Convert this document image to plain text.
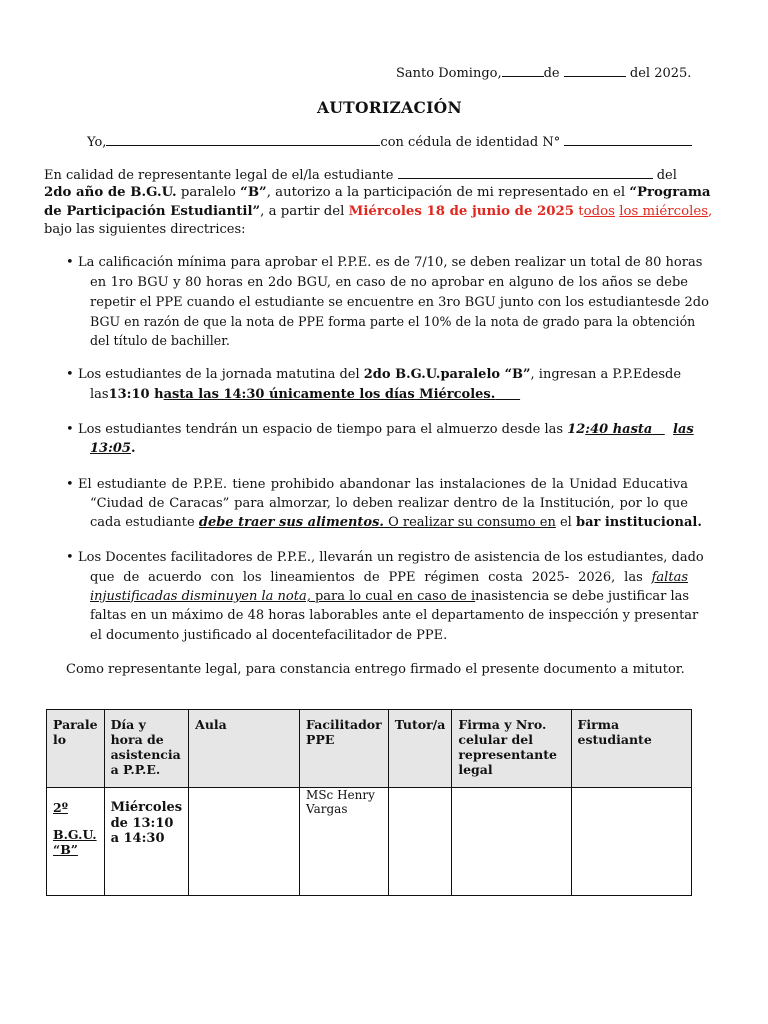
Santo Domingo,	de	del 2025.
AUTORIZACIÓN
Yo,	con cédula de identidad N°
En calidad de representante legal de el/la estudiante	del
2do año de B.G.U. paralelo “B”, autorizo a la participación de mi representado en el “Programa
de Participación Estudiantil”, a partir del Miércoles 18 de junio de 2025 todos los miércoles,
bajo las siguientes directrices:
• La calificación mínima para aprobar el P.P.E. es de 7/10, se deben realizar un total de 80 horas
en 1ro BGU y 80 horas en 2do BGU, en caso de no aprobar en alguno de los años se debe
repetir el PPE cuando el estudiante se encuentre en 3ro BGU junto con los estudiantesde 2do
BGU en razón de que la nota de PPE forma parte el 10% de la nota de grado para la obtención
del título de bachiller.
• Los estudiantes de la jornada matutina del 2do B.G.U.paralelo “B”, ingresan a P.P.Edesde
las13:10 hasta las 14:30 únicamente los días Miércoles.
• Los estudiantes tendrán un espacio de tiempo para el almuerzo desde las 12:40 hasta las
13:05.
• El estudiante de P.P.E. tiene prohibido abandonar las instalaciones de la Unidad Educativa
“Ciudad de Caracas” para almorzar, lo deben realizar dentro de la Institución, por lo que
cada estudiante debe traer sus alimentos. O realizar su consumo en el bar institucional.
• Los Docentes facilitadores de P.P.E., llevarán un registro de asistencia de los estudiantes, dado
que de acuerdo con los lineamientos de PPE régimen costa 2025- 2026, las faltas
injustificadas disminuyen la nota, para lo cual en caso de inasistencia se debe justificar las
faltas en un máximo de 48 horas laborables ante el departamento de inspección y presentar
el documento justificado al docentefacilitador de PPE.
Como representante legal, para constancia entrego firmado el presente documento a mitutor.
Parale lo	Día y hora de asistencia a P.P.E.	Aula	Facilitador PPE	Tutor/a	Firma y Nro. celular del representante legal	Firma estudiante

2º
B.G.U.
“B”	Miércoles de 13:10 a 14:30		MSc Henry Vargas			
